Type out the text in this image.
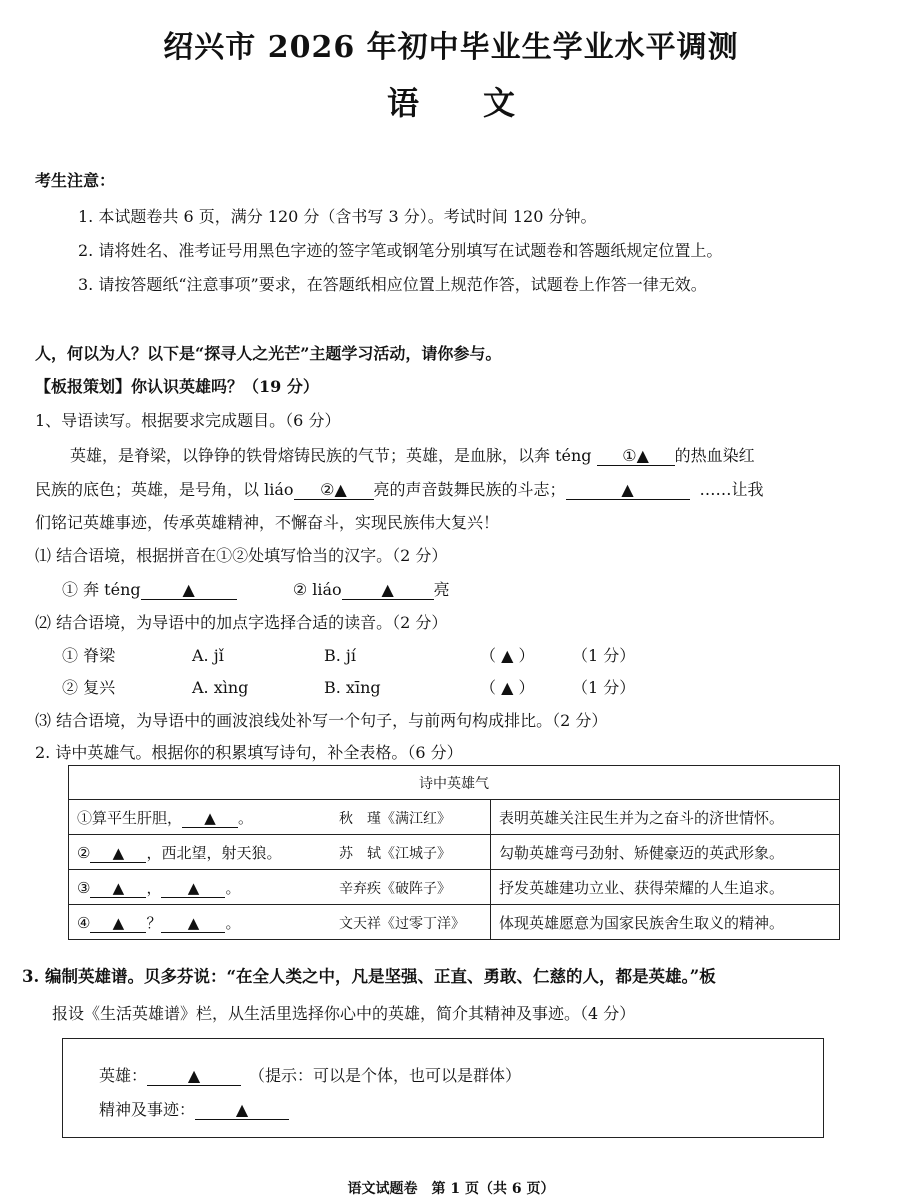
绍兴市 2026 年初中毕业生学业水平调测
语文
考生注意：
1. 本试题卷共 6 页，满分 120 分（含书写 3 分）。考试时间 120 分钟。
2. 请将姓名、准考证号用黑色字迹的签字笔或钢笔分别填写在试题卷和答题纸规定位置上。
3. 请按答题纸“注意事项”要求，在答题纸相应位置上规范作答，试题卷上作答一律无效。
人，何以为人？以下是“探寻人之光芒”主题学习活动，请你参与。
【板报策划】你认识英雄吗？（19 分）
1、导语读写。根据要求完成题目。（6 分）
英雄，是脊梁，以铮铮的铁骨熔铸民族的气节；英雄，是血脉，以奔 téng ①▲ 的热血染红
民族的底色；英雄，是号角，以 liáo ②▲ 亮的声音鼓舞民族的斗志；	▲	……让我
们铭记英雄事迹，传承英雄精神，不懈奋斗，实现民族伟大复兴！
⑴ 结合语境，根据拼音在①②处填写恰当的汉字。（2 分）
① 奔 téng	▲	② liáo ▲ 亮
⑵ 结合语境，为导语中的加点字选择合适的读音。（2 分）
① 脊梁	A. jǐ	B. jí	（ ▲ ） （1 分）
② 复兴	A. xìng	B. xīng	（ ▲ ） （1 分）
⑶ 结合语境，为导语中的画波浪线处补写一个句子，与前两句构成排比。（2 分）
2. 诗中英雄气。根据你的积累填写诗句，补全表格。（6 分）
诗中英雄气	
①算平生肝胆， ▲ 。 秋　瑾《满江红》	表明英雄关注民生并为之奋斗的济世情怀。
② ▲ ，西北望，射天狼。 苏　轼《江城子》	勾勒英雄弯弓劲射、矫健豪迈的英武形象。
③ ▲ ， ▲ 。 辛弃疾《破阵子》	抒发英雄建功立业、获得荣耀的人生追求。
④ ▲ ？ ▲ 。 文天祥《过零丁洋》	体现英雄愿意为国家民族舍生取义的精神。
3. 编制英雄谱。贝多芬说：“在全人类之中，凡是坚强、正直、勇敢、仁慈的人，都是英雄。”板
报设《生活英雄谱》栏，从生活里选择你心中的英雄，简介其精神及事迹。（4 分）
英雄：	▲	（提示：可以是个体，也可以是群体）
精神及事迹：	▲
语文试题卷　第 1 页（共 6 页）
